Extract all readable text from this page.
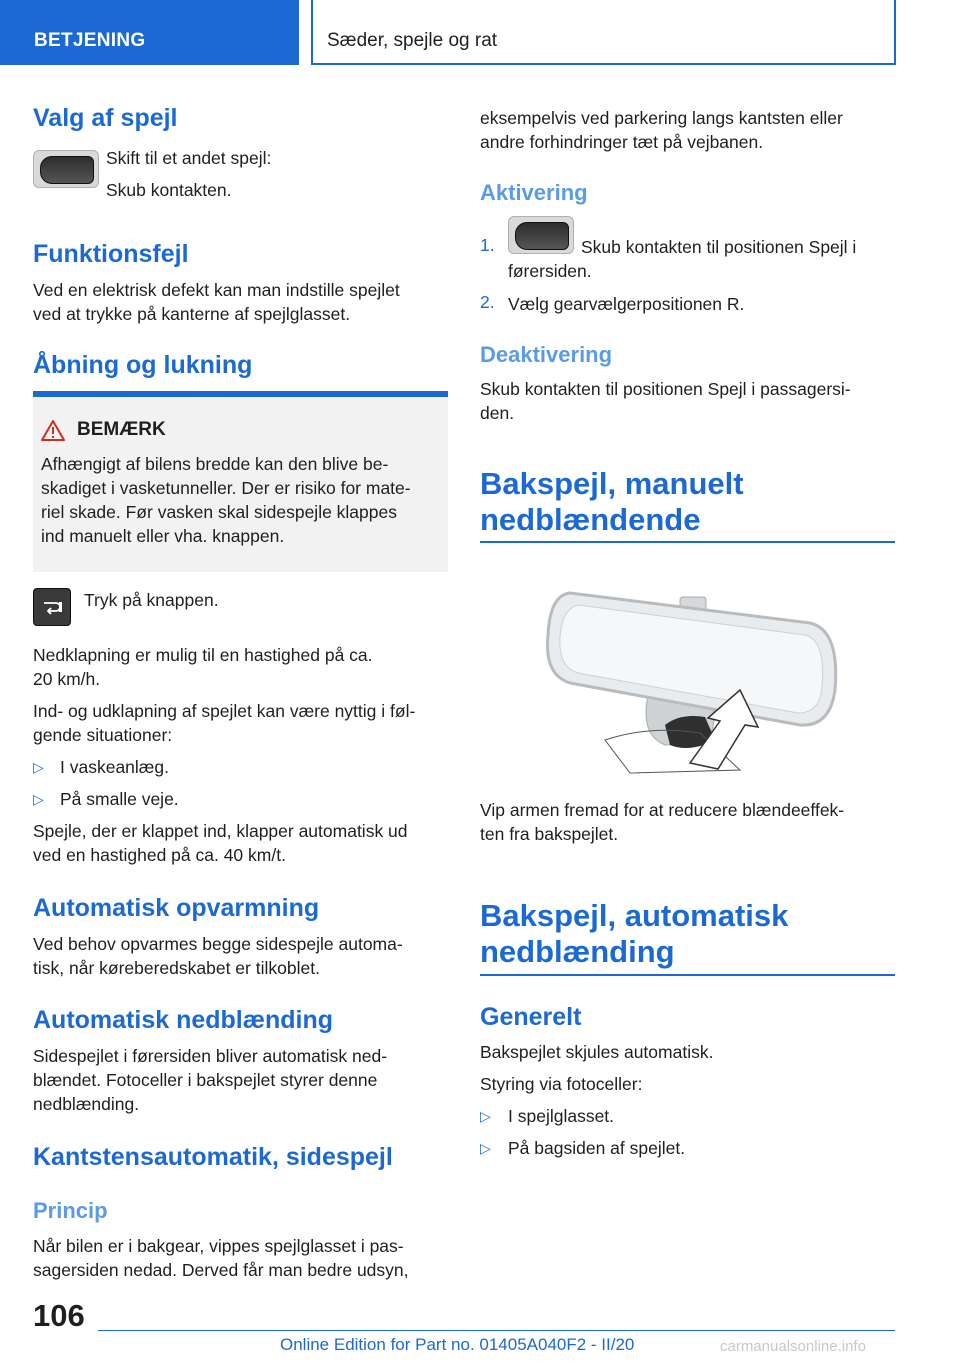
BETJENING	Sæder, spejle og rat
Valg af spejl
Skift til et andet spejl:
Skub kontakten.
Funktionsfejl
Ved en elektrisk defekt kan man indstille spejlet
ved at trykke på kanterne af spejlglasset.
Åbning og lukning
BEMÆRK
Afhængigt af bilens bredde kan den blive be‐
skadiget i vasketunneller. Der er risiko for mate‐
riel skade. Før vasken skal sidespejle klappes
ind manuelt eller vha. knappen.
Tryk på knappen.
Nedklapning er mulig til en hastighed på ca.
20 km/h.
Ind- og udklapning af spejlet kan være nyttig i føl‐
gende situationer:
▷ I vaskeanlæg.
▷ På smalle veje.
Spejle, der er klappet ind, klapper automatisk ud
ved en hastighed på ca. 40 km/t.
Automatisk opvarmning
Ved behov opvarmes begge sidespejle automa‐
tisk, når køreberedskabet er tilkoblet.
Automatisk nedblænding
Sidespejlet i førersiden bliver automatisk ned‐
blændet. Fotoceller i bakspejlet styrer denne
nedblænding.
Kantstensautomatik, sidespejl
Princip
Når bilen er i bakgear, vippes spejlglasset i pas‐
sagersiden nedad. Derved får man bedre udsyn,
eksempelvis ved parkering langs kantsten eller
andre forhindringer tæt på vejbanen.
Aktivering
1.	Skub kontakten til positionen Spejl i
førersiden.
2. Vælg gearvælgerpositionen R.
Deaktivering
Skub kontakten til positionen Spejl i passagersi‐
den.
Bakspejl, manuelt
nedblændende
Vip armen fremad for at reducere blændeeffek‐
ten fra bakspejlet.
Bakspejl, automatisk
nedblænding
Generelt
Bakspejlet skjules automatisk.
Styring via fotoceller:
▷ I spejlglasset.
▷ På bagsiden af spejlet.
106
Online Edition for Part no. 01405A040F2 - II/20	carmanualsonline.info
